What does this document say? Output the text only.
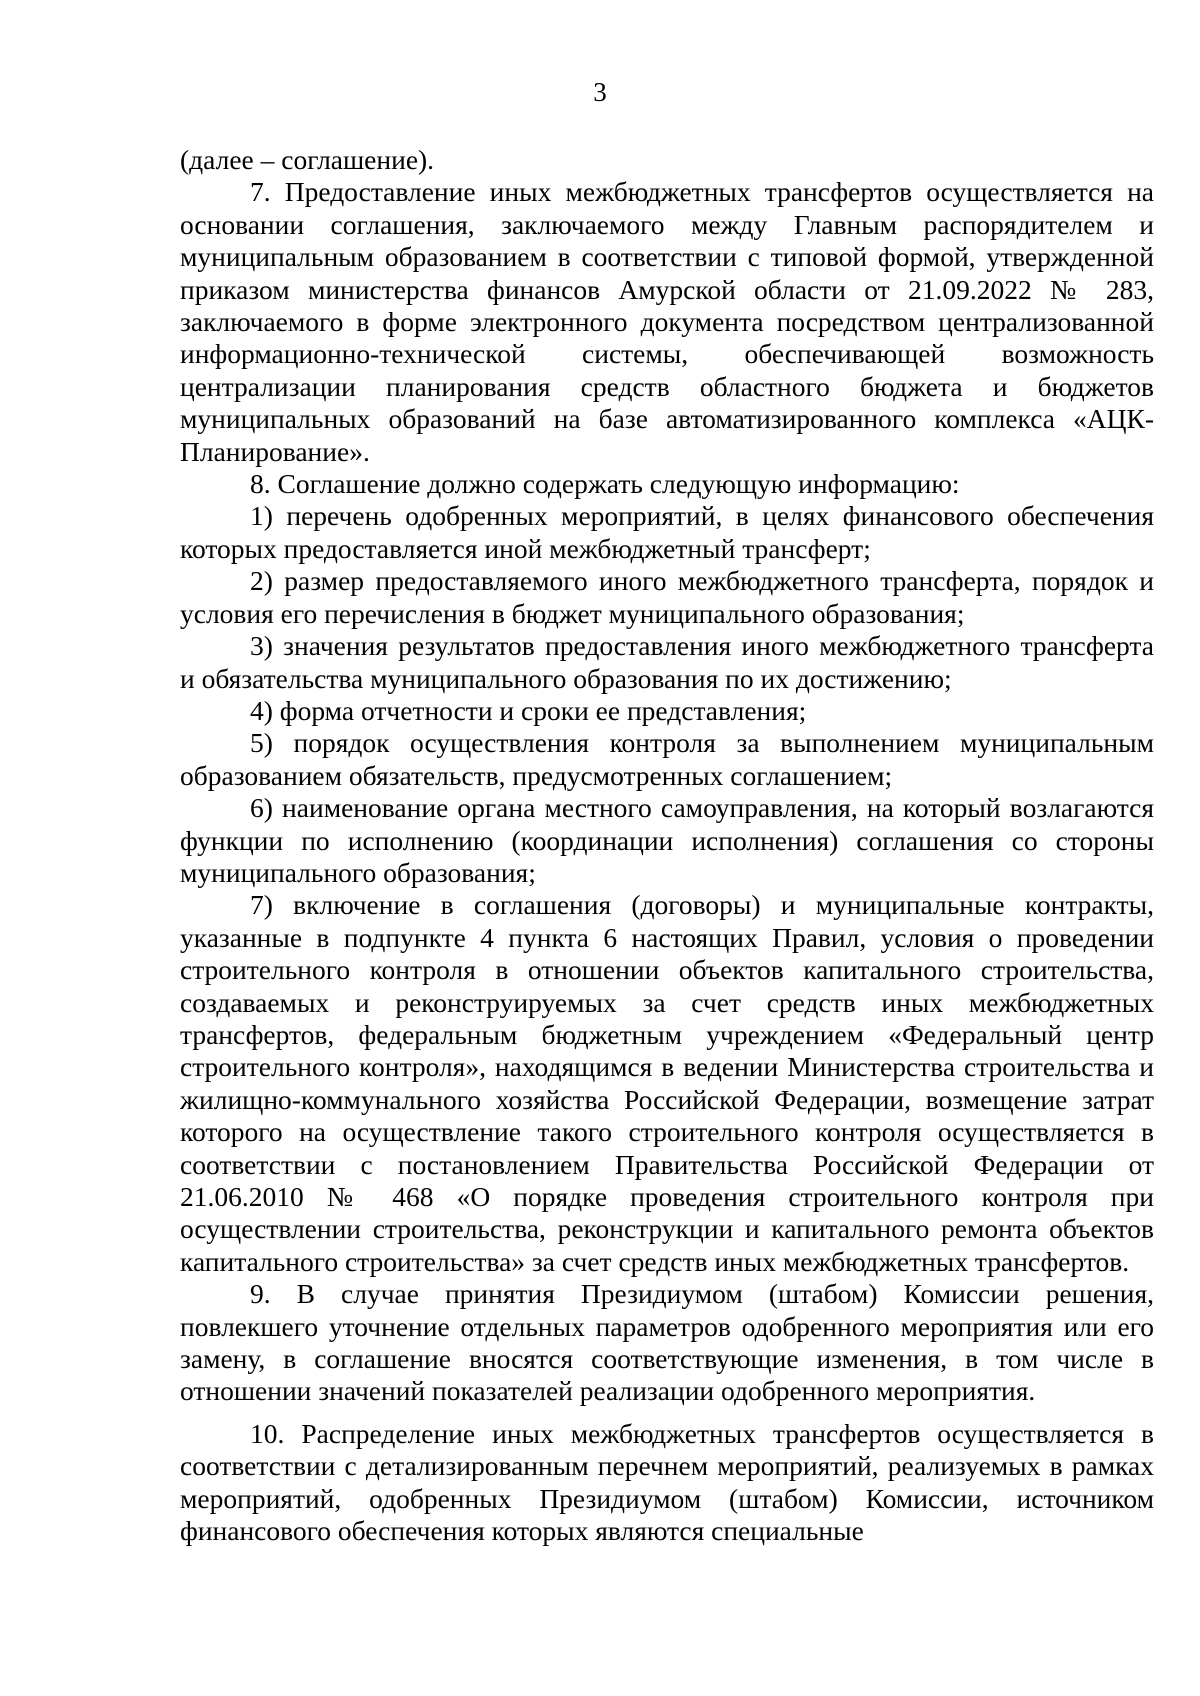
3

(далее – соглашение).

7. Предоставление иных межбюджетных трансфертов осуществляется на основании соглашения, заключаемого между Главным распорядителем и муниципальным образованием в соответствии с типовой формой, утвержденной приказом министерства финансов Амурской области от 21.09.2022 № 283, заключаемого в форме электронного документа посредством централизованной информационно-технической системы, обеспечивающей возможность централизации планирования средств областного бюджета и бюджетов муниципальных образований на базе автоматизированного комплекса «АЦК-Планирование».

8. Соглашение должно содержать следующую информацию:

1) перечень одобренных мероприятий, в целях финансового обеспечения которых предоставляется иной межбюджетный трансферт;

2) размер предоставляемого иного межбюджетного трансферта, порядок и условия его перечисления в бюджет муниципального образования;

3) значения результатов предоставления иного межбюджетного трансферта и обязательства муниципального образования по их достижению;

4) форма отчетности и сроки ее представления;

5) порядок осуществления контроля за выполнением муниципальным образованием обязательств, предусмотренных соглашением;

6) наименование органа местного самоуправления, на который возлагаются функции по исполнению (координации исполнения) соглашения со стороны муниципального образования;

7) включение в соглашения (договоры) и муниципальные контракты, указанные в подпункте 4 пункта 6 настоящих Правил, условия о проведении строительного контроля в отношении объектов капитального строительства, создаваемых и реконструируемых за счет средств иных межбюджетных трансфертов, федеральным бюджетным учреждением «Федеральный центр строительного контроля», находящимся в ведении Министерства строительства и жилищно-коммунального хозяйства Российской Федерации, возмещение затрат которого на осуществление такого строительного контроля осуществляется в соответствии с постановлением Правительства Российской Федерации от 21.06.2010 № 468 «О порядке проведения строительного контроля при осуществлении строительства, реконструкции и капитального ремонта объектов капитального строительства» за счет средств иных межбюджетных трансфертов.

9. В случае принятия Президиумом (штабом) Комиссии решения, повлекшего уточнение отдельных параметров одобренного мероприятия или его замену, в соглашение вносятся соответствующие изменения, в том числе в отношении значений показателей реализации одобренного мероприятия.

10. Распределение иных межбюджетных трансфертов осуществляется в соответствии с детализированным перечнем мероприятий, реализуемых в рамках мероприятий, одобренных Президиумом (штабом) Комиссии, источником финансового обеспечения которых являются специальные
